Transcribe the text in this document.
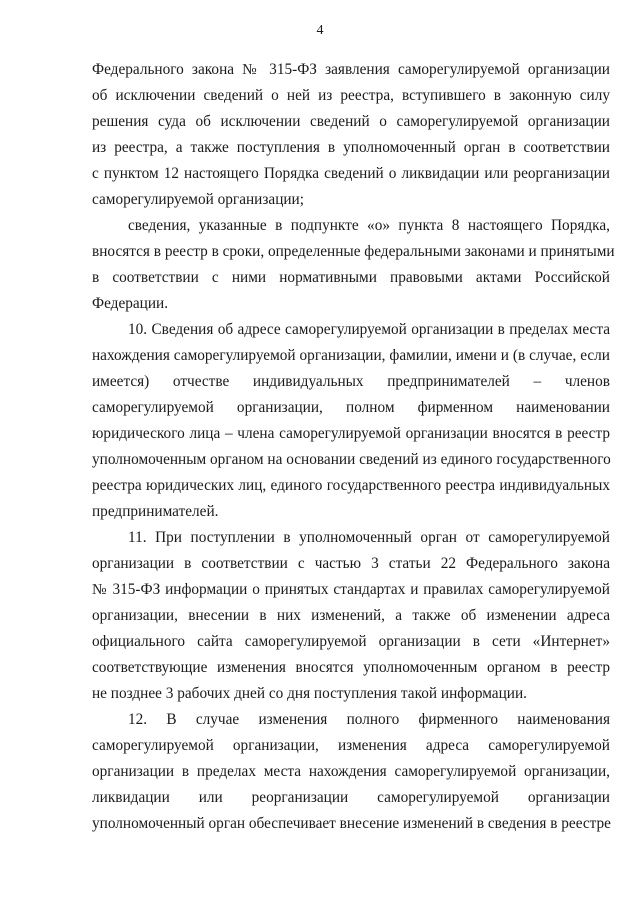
4
Федерального закона № 315-ФЗ заявления саморегулируемой организации
об исключении сведений о ней из реестра, вступившего в законную силу
решения суда об исключении сведений о саморегулируемой организации
из реестра, а также поступления в уполномоченный орган в соответствии
с пунктом 12 настоящего Порядка сведений о ликвидации или реорганизации
саморегулируемой организации;
сведения, указанные в подпункте «о» пункта 8 настоящего Порядка,
вносятся в реестр в сроки, определенные федеральными законами и принятыми
в соответствии с ними нормативными правовыми актами Российской
Федерации.
10. Сведения об адресе саморегулируемой организации в пределах места
нахождения саморегулируемой организации, фамилии, имени и (в случае, если
имеется) отчестве индивидуальных предпринимателей – членов
саморегулируемой организации, полном фирменном наименовании
юридического лица – члена саморегулируемой организации вносятся в реестр
уполномоченным органом на основании сведений из единого государственного
реестра юридических лиц, единого государственного реестра индивидуальных
предпринимателей.
11. При поступлении в уполномоченный орган от саморегулируемой
организации в соответствии с частью 3 статьи 22 Федерального закона
№ 315-ФЗ информации о принятых стандартах и правилах саморегулируемой
организации, внесении в них изменений, а также об изменении адреса
официального сайта саморегулируемой организации в сети «Интернет»
соответствующие изменения вносятся уполномоченным органом в реестр
не позднее 3 рабочих дней со дня поступления такой информации.
12. В случае изменения полного фирменного наименования
саморегулируемой организации, изменения адреса саморегулируемой
организации в пределах места нахождения саморегулируемой организации,
ликвидации или реорганизации саморегулируемой организации
уполномоченный орган обеспечивает внесение изменений в сведения в реестре
